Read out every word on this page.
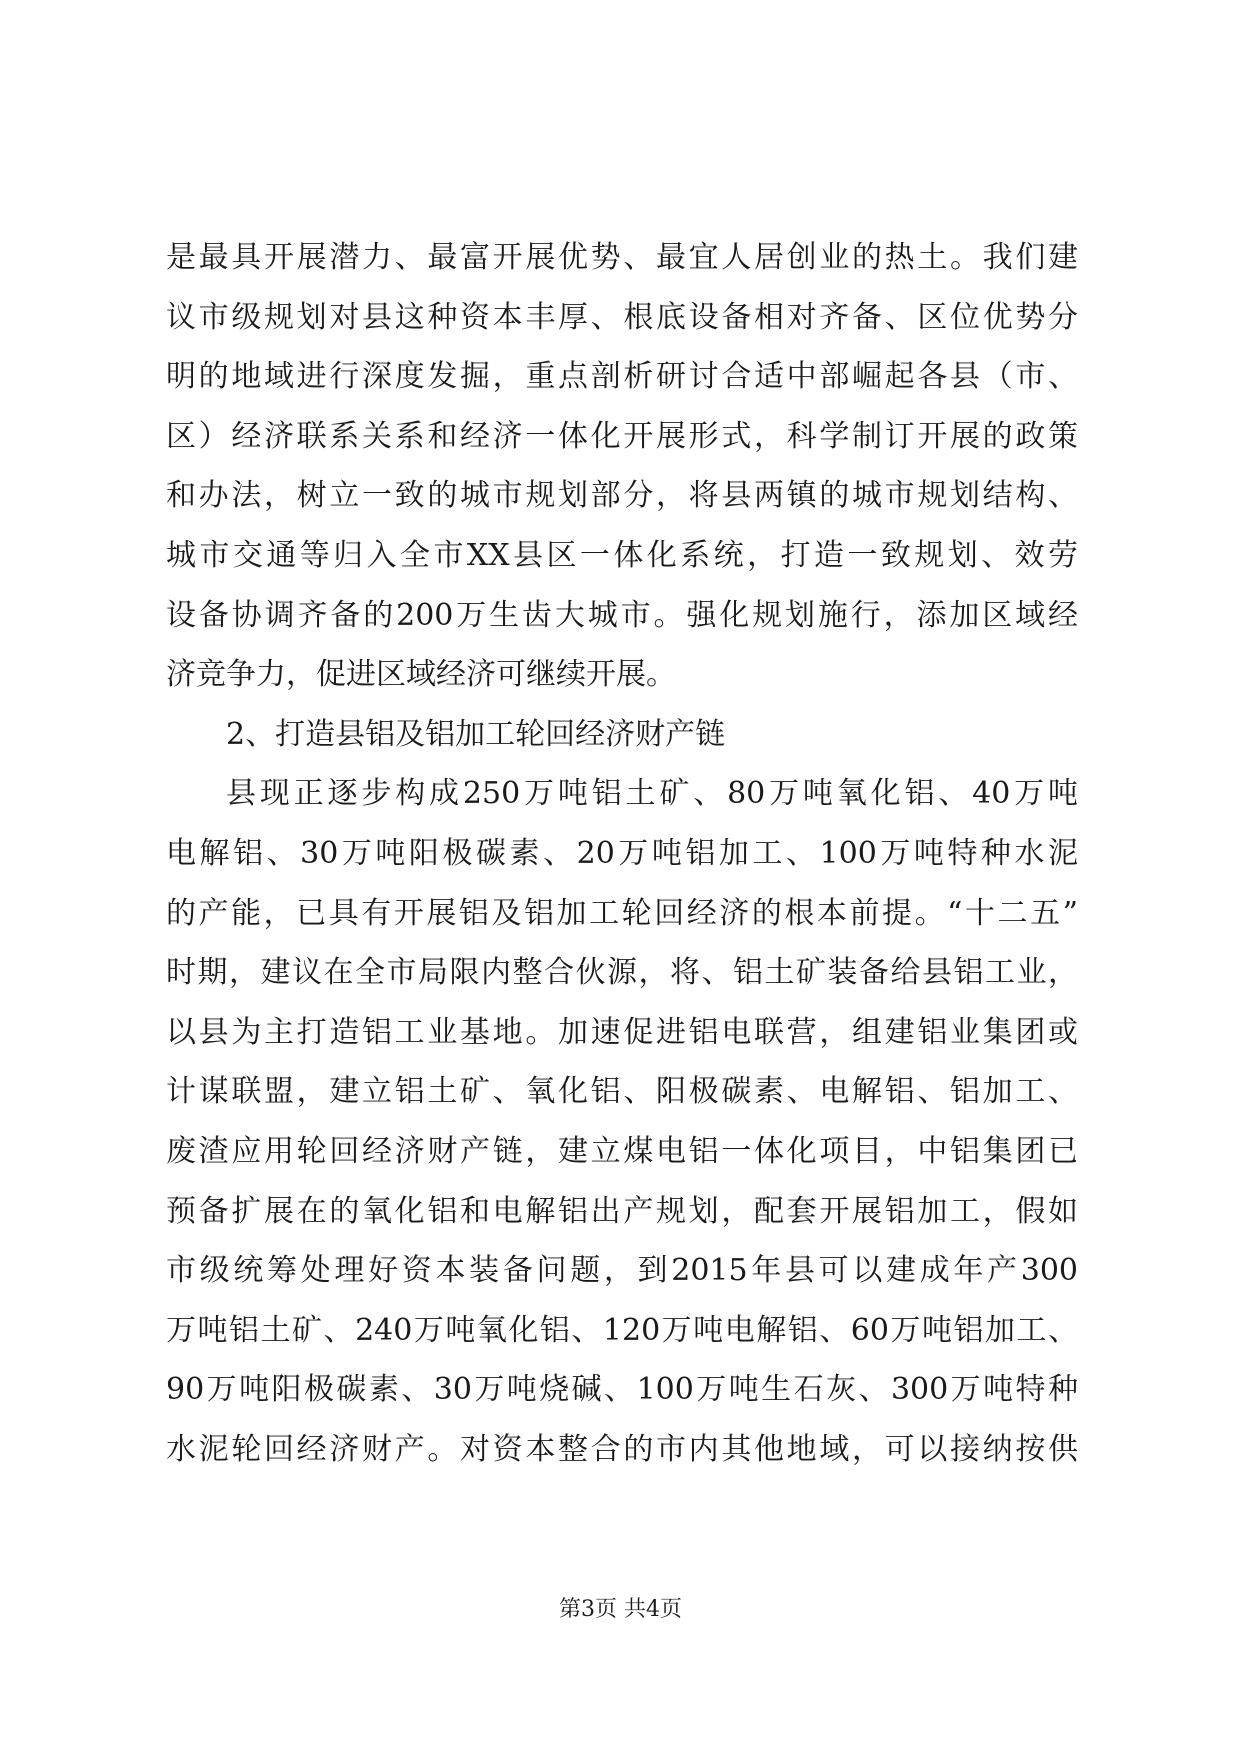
是最具开展潜力、最富开展优势、最宜人居创业的热土。我们建
议市级规划对县这种资本丰厚、根底设备相对齐备、区位优势分
明的地域进行深度发掘，重点剖析研讨合适中部崛起各县（市、
区）经济联系关系和经济一体化开展形式，科学制订开展的政策
和办法，树立一致的城市规划部分，将县两镇的城市规划结构、
城市交通等归入全市XX县区一体化系统，打造一致规划、效劳
设备协调齐备的200万生齿大城市。强化规划施行，添加区域经
济竞争力，促进区域经济可继续开展。
2、打造县铝及铝加工轮回经济财产链
县现正逐步构成250万吨铝土矿、80万吨氧化铝、40万吨
电解铝、30万吨阳极碳素、20万吨铝加工、100万吨特种水泥
的产能，已具有开展铝及铝加工轮回经济的根本前提。“十二五”
时期，建议在全市局限内整合伙源，将、铝土矿装备给县铝工业，
以县为主打造铝工业基地。加速促进铝电联营，组建铝业集团或
计谋联盟，建立铝土矿、氧化铝、阳极碳素、电解铝、铝加工、
废渣应用轮回经济财产链，建立煤电铝一体化项目，中铝集团已
预备扩展在的氧化铝和电解铝出产规划，配套开展铝加工，假如
市级统筹处理好资本装备问题，到2015年县可以建成年产300
万吨铝土矿、240万吨氧化铝、120万吨电解铝、60万吨铝加工、
90万吨阳极碳素、30万吨烧碱、100万吨生石灰、300万吨特种
水泥轮回经济财产。对资本整合的市内其他地域，可以接纳按供
第3页 共4页
